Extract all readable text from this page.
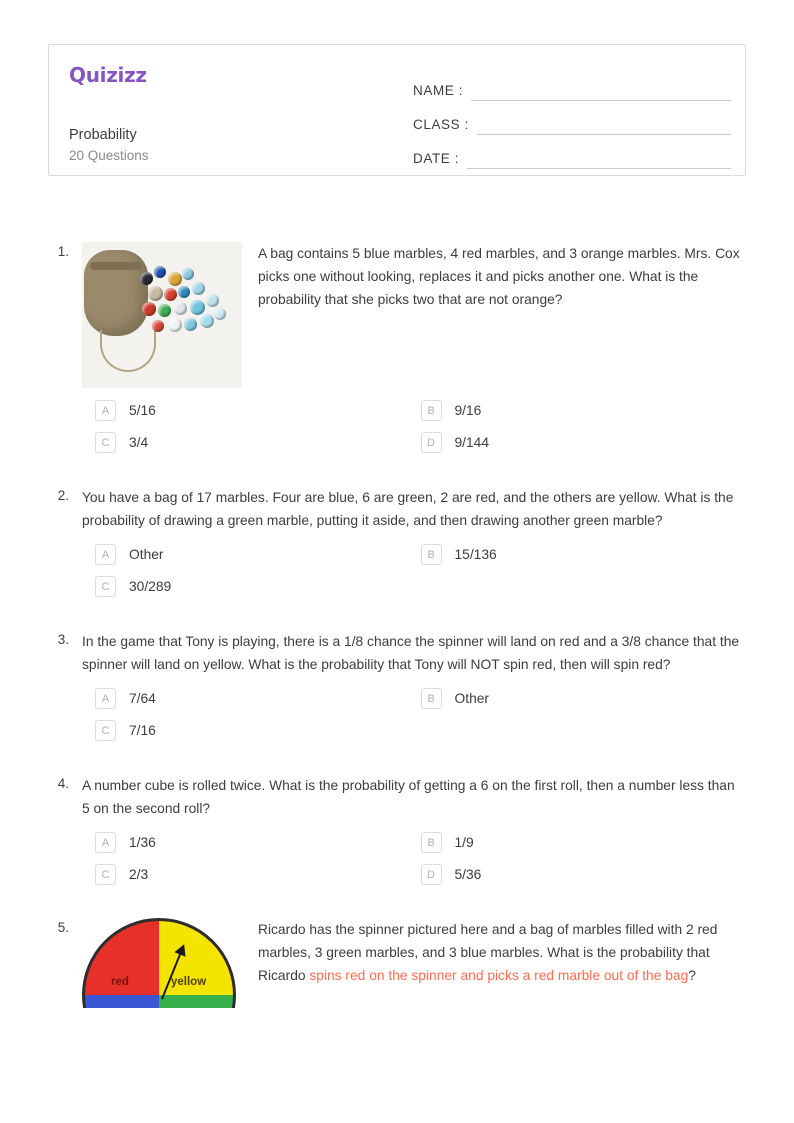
Quizizz
Probability
20 Questions
NAME :
CLASS :
DATE :
1.	A bag contains 5 blue marbles, 4 red marbles, and 3 orange marbles. Mrs. Cox picks one without looking, replaces it and picks another one. What is the probability that she picks two that are not orange?
A	5/16	B	9/16
C	3/4	D	9/144
2. You have a bag of 17 marbles. Four are blue, 6 are green, 2 are red, and the others are yellow. What is the probability of drawing a green marble, putting it aside, and then drawing another green marble?
A	Other	B	15/136
C	30/289
3. In the game that Tony is playing, there is a 1/8 chance the spinner will land on red and a 3/8 chance that the spinner will land on yellow. What is the probability that Tony will NOT spin red, then will spin red?
A	7/64	B	Other
C	7/16
4. A number cube is rolled twice. What is the probability of getting a 6 on the first roll, then a number less than 5 on the second roll?
A	1/36	B	1/9
C	2/3	D	5/36
5.
red	yellow
Ricardo has the spinner pictured here and a bag of marbles filled with 2 red marbles, 3 green marbles, and 3 blue marbles. What is the probability that Ricardo spins red on the spinner and picks a red marble out of the bag?
